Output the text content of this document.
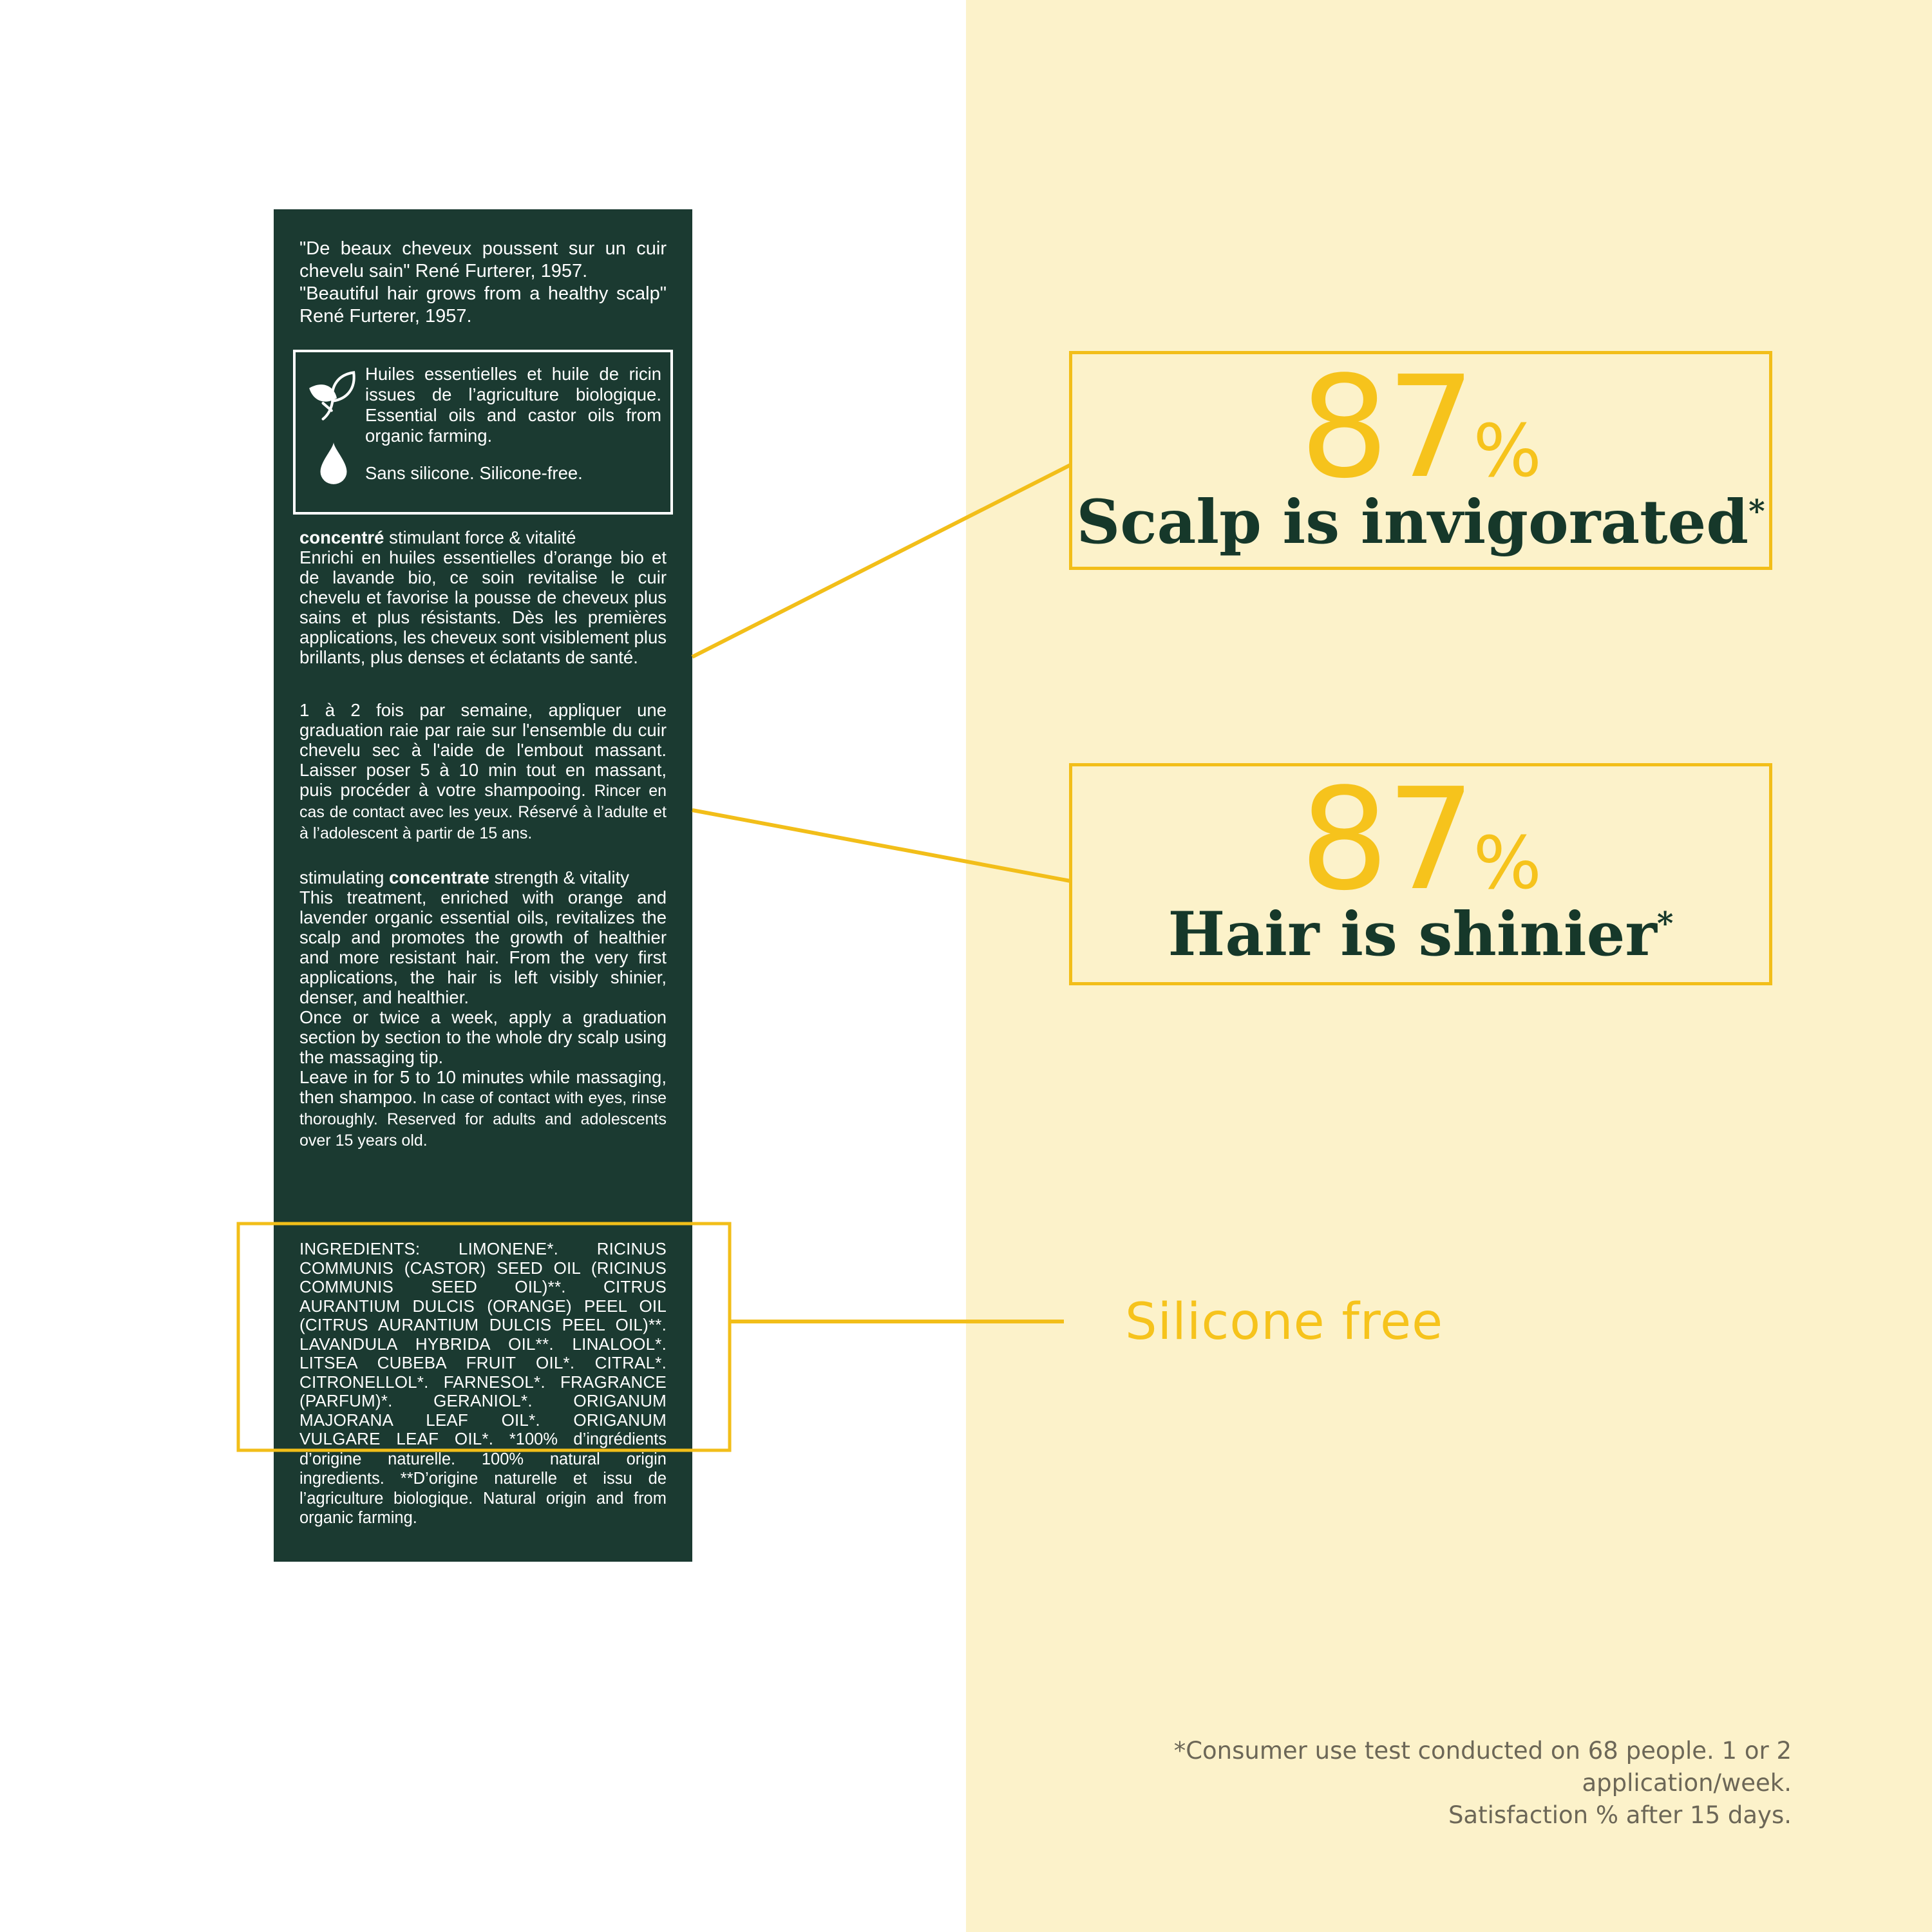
"De beaux cheveux poussent sur un cuir chevelu sain" René Furterer, 1957.

"Beautiful hair grows from a healthy scalp" René Furterer, 1957.

Huiles essentielles et huile de ricin issues de l’agriculture biologique. Essential oils and castor oils from organic farming.

Sans silicone. Silicone-free.

concentré stimulant force & vitalité
Enrichi en huiles essentielles d’orange bio et de lavande bio, ce soin revitalise le cuir chevelu et favorise la pousse de cheveux plus sains et plus résistants. Dès les premières applications, les cheveux sont visiblement plus brillants, plus denses et éclatants de santé.

1 à 2 fois par semaine, appliquer une graduation raie par raie sur l'ensemble du cuir chevelu sec à l'aide de l'embout massant. Laisser poser 5 à 10 min tout en massant, puis procéder à votre shampooing. Rincer en cas de contact avec les yeux. Réservé à l’adulte et à l’adolescent à partir de 15 ans.

stimulating concentrate strength & vitality
This treatment, enriched with orange and lavender organic essential oils, revitalizes the scalp and promotes the growth of healthier and more resistant hair. From the very first applications, the hair is left visibly shinier, denser, and healthier.

Once or twice a week, apply a graduation section by section to the whole dry scalp using the massaging tip.

Leave in for 5 to 10 minutes while massaging, then shampoo. In case of contact with eyes, rinse thoroughly. Reserved for adults and adolescents over 15 years old.

INGREDIENTS: LIMONENE*. RICINUS COMMUNIS (CASTOR) SEED OIL (RICINUS COMMUNIS SEED OIL)**. CITRUS AURANTIUM DULCIS (ORANGE) PEEL OIL (CITRUS AURANTIUM DULCIS PEEL OIL)**. LAVANDULA HYBRIDA OIL**. LINALOOL*. LITSEA CUBEBA FRUIT OIL*. CITRAL*. CITRONELLOL*. FARNESOL*. FRAGRANCE (PARFUM)*. GERANIOL*. ORIGANUM MAJORANA LEAF OIL*. ORIGANUM VULGARE LEAF OIL*. *100% d’ingrédients d’origine naturelle. 100% natural origin ingredients. **D’origine naturelle et issu de l’agriculture biologique. Natural origin and from organic farming.

87%
Scalp is invigorated*
87%
Hair is shinier*
Silicone free
*Consumer use test conducted on 68 people. 1 or 2 application/week.
Satisfaction % after 15 days.
